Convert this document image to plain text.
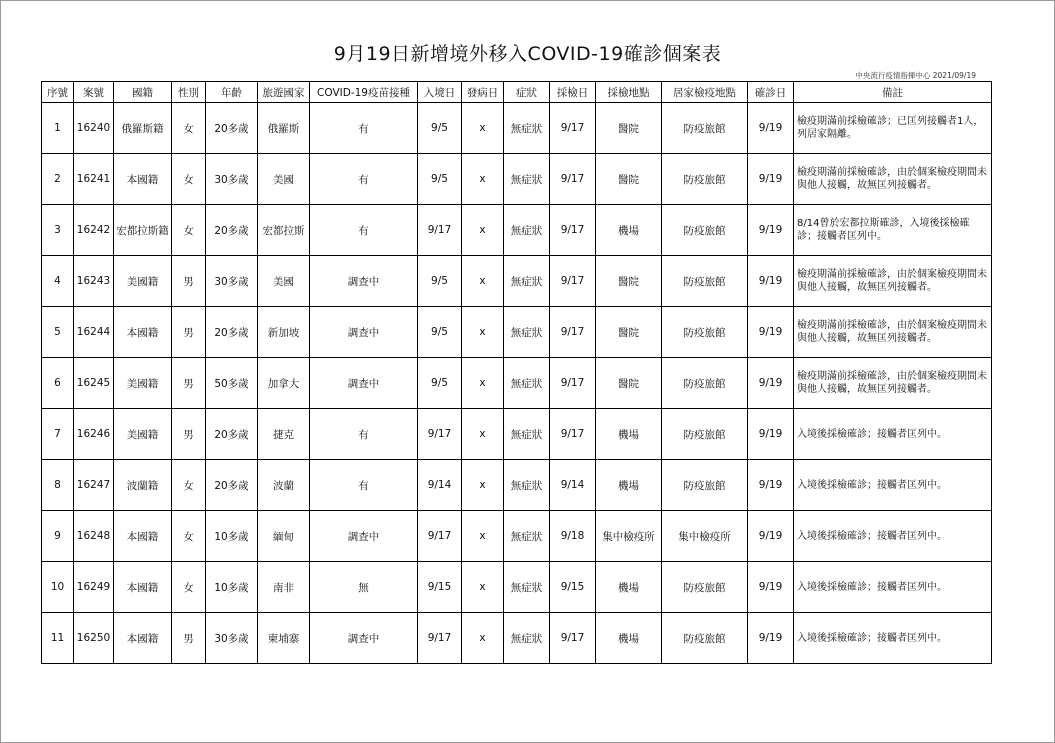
9月19日新增境外移入COVID-19確診個案表
中央流行疫情指揮中心 2021/09/19
序號	案號	國籍	性別	年齡	旅遊國家	COVID-19疫苗接種	入境日	發病日	症狀	採檢日	採檢地點	居家檢疫地點	確診日	備註
1	16240	俄羅斯籍	女	20多歲	俄羅斯	有	9/5	x	無症狀	9/17	醫院	防疫旅館	9/19	檢疫期滿前採檢確診；已匡列接觸者1人，列居家隔離。
2	16241	本國籍	女	30多歲	美國	有	9/5	x	無症狀	9/17	醫院	防疫旅館	9/19	檢疫期滿前採檢確診，由於個案檢疫期間未與他人接觸，故無匡列接觸者。
3	16242	宏都拉斯籍	女	20多歲	宏都拉斯	有	9/17	x	無症狀	9/17	機場	防疫旅館	9/19	8/14曾於宏都拉斯確診，入境後採檢確診；接觸者匡列中。
4	16243	美國籍	男	30多歲	美國	調查中	9/5	x	無症狀	9/17	醫院	防疫旅館	9/19	檢疫期滿前採檢確診，由於個案檢疫期間未與他人接觸，故無匡列接觸者。
5	16244	本國籍	男	20多歲	新加坡	調查中	9/5	x	無症狀	9/17	醫院	防疫旅館	9/19	檢疫期滿前採檢確診，由於個案檢疫期間未與他人接觸，故無匡列接觸者。
6	16245	美國籍	男	50多歲	加拿大	調查中	9/5	x	無症狀	9/17	醫院	防疫旅館	9/19	檢疫期滿前採檢確診，由於個案檢疫期間未與他人接觸，故無匡列接觸者。
7	16246	美國籍	男	20多歲	捷克	有	9/17	x	無症狀	9/17	機場	防疫旅館	9/19	入境後採檢確診；接觸者匡列中。
8	16247	波蘭籍	女	20多歲	波蘭	有	9/14	x	無症狀	9/14	機場	防疫旅館	9/19	入境後採檢確診；接觸者匡列中。
9	16248	本國籍	女	10多歲	緬甸	調查中	9/17	x	無症狀	9/18	集中檢疫所	集中檢疫所	9/19	入境後採檢確診；接觸者匡列中。
10	16249	本國籍	女	10多歲	南非	無	9/15	x	無症狀	9/15	機場	防疫旅館	9/19	入境後採檢確診；接觸者匡列中。
11	16250	本國籍	男	30多歲	柬埔寨	調查中	9/17	x	無症狀	9/17	機場	防疫旅館	9/19	入境後採檢確診；接觸者匡列中。
